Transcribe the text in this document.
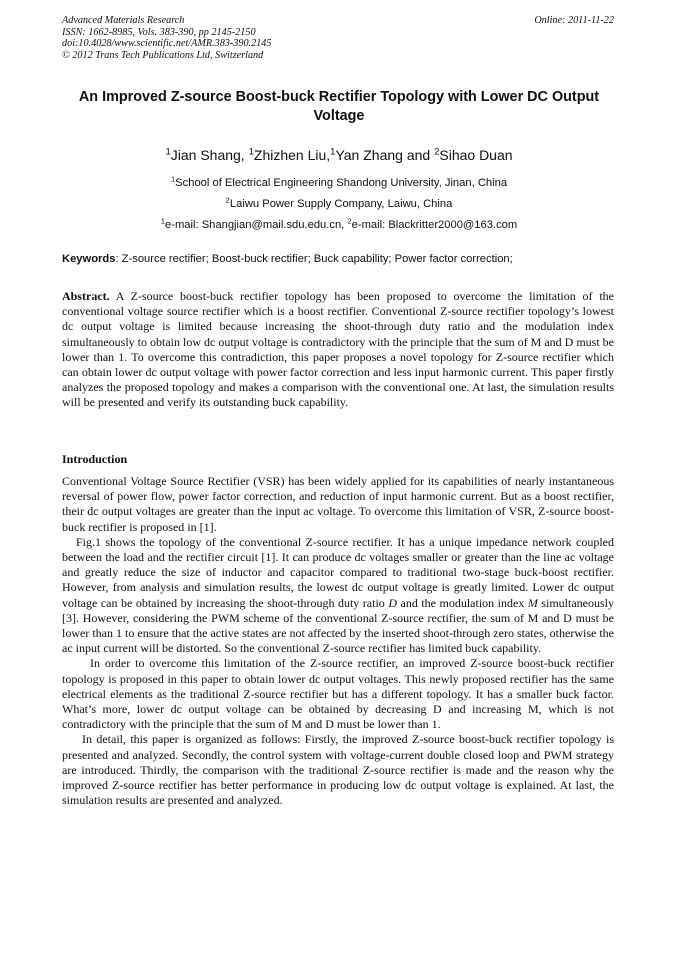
Advanced Materials Research
ISSN: 1662-8985, Vols. 383-390, pp 2145-2150
doi:10.4028/www.scientific.net/AMR.383-390.2145
© 2012 Trans Tech Publications Ltd, Switzerland
Online: 2011-11-22
An Improved Z-source Boost-buck Rectifier Topology with Lower DC Output Voltage
$^1$Jian Shang, $^1$Zhizhen Liu,$^1$Yan Zhang and $^2$Sihao Duan
$^1$School of Electrical Engineering Shandong University, Jinan, China
$^2$Laiwu Power Supply Company, Laiwu, China
$^1$e-mail: Shangjian@mail.sdu.edu.cn, $^2$e-mail: Blackritter2000@163.com
Keywords: Z-source rectifier; Boost-buck rectifier; Buck capability; Power factor correction;

Abstract. A Z-source boost-buck rectifier topology has been proposed to overcome the limitation of the conventional voltage source rectifier which is a boost rectifier. Conventional Z-source rectifier topology’s lowest dc output voltage is limited because increasing the shoot-through duty ratio and the modulation index simultaneously to obtain low dc output voltage is contradictory with the principle that the sum of M and D must be lower than 1. To overcome this contradiction, this paper proposes a novel topology for Z-source rectifier which can obtain lower dc output voltage with power factor correction and less input harmonic current. This paper firstly analyzes the proposed topology and makes a comparison with the conventional one. At last, the simulation results will be presented and verify its outstanding buck capability.

Introduction

Conventional Voltage Source Rectifier (VSR) has been widely applied for its capabilities of nearly instantaneous reversal of power flow, power factor correction, and reduction of input harmonic current. But as a boost rectifier, their dc output voltages are greater than the input ac voltage. To overcome this limitation of VSR, Z-source boost-buck rectifier is proposed in [1].

Fig.1 shows the topology of the conventional Z-source rectifier. It has a unique impedance network coupled between the load and the rectifier circuit [1]. It can produce dc voltages smaller or greater than the line ac voltage and greatly reduce the size of inductor and capacitor compared to traditional two-stage buck-boost rectifier. However, from analysis and simulation results, the lowest dc output voltage is greatly limited. Lower dc output voltage can be obtained by increasing the shoot-through duty ratio D and the modulation index M simultaneously [3]. However, considering the PWM scheme of the conventional Z-source rectifier, the sum of M and D must be lower than 1 to ensure that the active states are not affected by the inserted shoot-through zero states, otherwise the ac input current will be distorted. So the conventional Z-source rectifier has limited buck capability.

In order to overcome this limitation of the Z-source rectifier, an improved Z-source boost-buck rectifier topology is proposed in this paper to obtain lower dc output voltages. This newly proposed rectifier has the same electrical elements as the traditional Z-source rectifier but has a different topology. It has a smaller buck factor. What’s more, lower dc output voltage can be obtained by decreasing D and increasing M, which is not contradictory with the principle that the sum of M and D must be lower than 1.

In detail, this paper is organized as follows: Firstly, the improved Z-source boost-buck rectifier topology is presented and analyzed. Secondly, the control system with voltage-current double closed loop and PWM strategy are introduced. Thirdly, the comparison with the traditional Z-source rectifier is made and the reason why the improved Z-source rectifier has better performance in producing low dc output voltage is explained. At last, the simulation results are presented and analyzed.
